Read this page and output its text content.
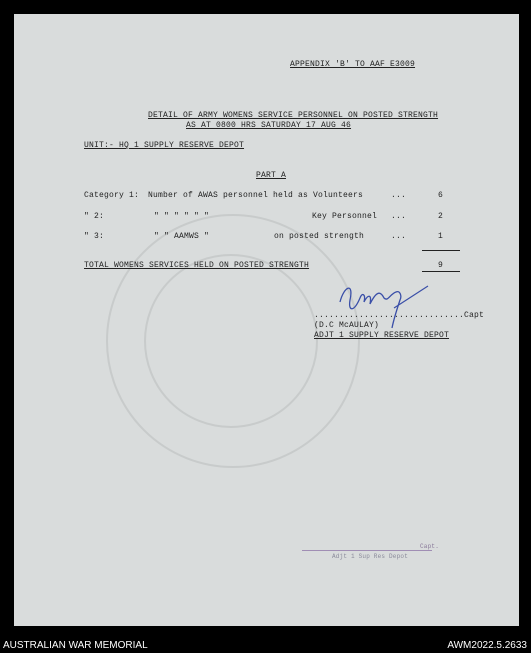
APPENDIX 'B' TO AAF E3009
DETAIL OF ARMY WOMENS SERVICE PERSONNEL ON POSTED STRENGTH
AS AT 0800 HRS SATURDAY 17 AUG 46
UNIT:- HQ 1 SUPPLY RESERVE DEPOT
PART A
Category 1: Number of AWAS personnel held as Volunteers	...	6
" 2:	" " " " " "	Key Personnel ...	2
" 3:	" " AAMWS "	on posted strength	...	1
TOTAL WOMENS SERVICES HELD ON POSTED STRENGTH	9
..............................Capt
(D.C McAULAY)
ADJT 1 SUPPLY RESERVE DEPOT
Capt.
Adjt 1 Sup Res Depot
AUSTRALIAN WAR MEMORIAL	AWM2022.5.2633
